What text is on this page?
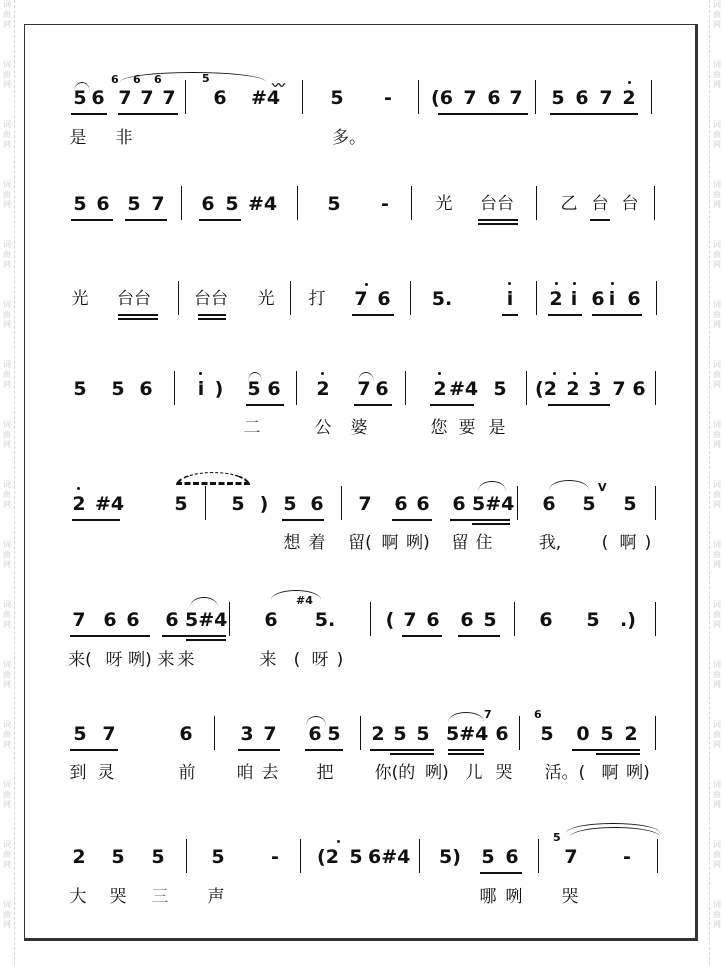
词
曲
网
词
曲
网
词
曲
网
词
曲
网
词
曲
网
词
曲
网
词
曲
网
词
曲
网
词
曲
网
词
曲
网
词
曲
网
词
曲
网
词
曲
网
词
曲
网
词
曲
网
词
曲
网
词
曲
网
词
曲
网
词
曲
网
词
曲
网
词
曲
网
词
曲
网
词
曲
网
词
曲
网
词
曲
网
词
曲
网
词
曲
网
词
曲
网
词
曲
网
词
曲
网
词
曲
网
词
曲
网
5 6 7 7 7	6	#4	5	-	(6 7 6 7	5 6 7 2
6 6 6	5
〰
是 非	多。
5 6 5 7	6 5 #4	5	-	光	台台	乙 台 台
光	台台	台台	光 打	7 6	5.	i	2 i 6 i 6
5	5 6	i )	5 6	2	7 6	2 #4 5	(2 2 3 7 6
二	公 婆	您 要 是
2 #4	5	5 ) 5 6	7	6 6	6 5#4	6	5	5
V
想 着 留( 啊 咧) 留 住	我,	( 啊 )
7 6 6	6 5#4	6	5.	( 7 6	6 5	6	5	.)
#4
来( 呀 咧) 来 来	来	( 呀 )
5 7	6	3 7	6 5	2 5 5 5#4 6	5	0 5 2
7	6
到 灵	前 咱 去 把 你(的 咧) 儿 哭 活。( 啊 咧)
2	5	5	5	-	(2 5 6#4 5)	5 6	7	-
5
大 哭 三 声	哪 咧 哭
